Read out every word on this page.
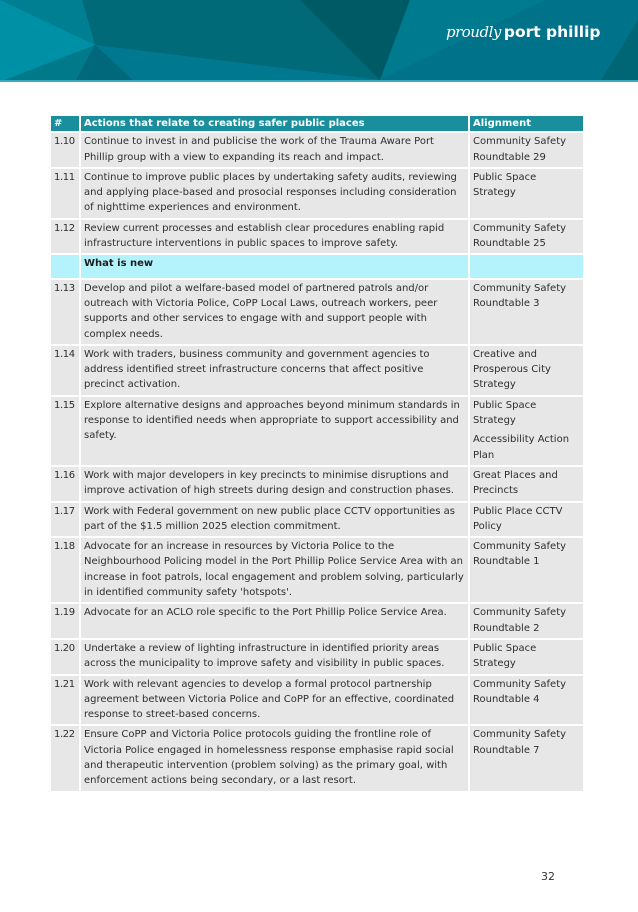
proudly port phillip
#	Actions that relate to creating safer public places	Alignment
1.10	Continue to invest in and publicise the work of the Trauma Aware Port Phillip group with a view to expanding its reach and impact.	Community Safety Roundtable 29

1.11	Continue to improve public places by undertaking safety audits, reviewing and applying place-based and prosocial responses including consideration of nighttime experiences and environment.	Public Space Strategy

1.12	Review current processes and establish clear procedures enabling rapid infrastructure interventions in public spaces to improve safety.	Community Safety Roundtable 25

	What is new	
1.13	Develop and pilot a welfare-based model of partnered patrols and/or outreach with Victoria Police, CoPP Local Laws, outreach workers, peer supports and other services to engage with and support people with complex needs.	Community Safety Roundtable 3

1.14	Work with traders, business community and government agencies to address identified street infrastructure concerns that affect positive precinct activation.	Creative and Prosperous City Strategy

1.15	Explore alternative designs and approaches beyond minimum standards in response to identified needs when appropriate to support accessibility and safety.	Public Space Strategy
Accessibility Action Plan

1.16	Work with major developers in key precincts to minimise disruptions and improve activation of high streets during design and construction phases.	Great Places and Precincts

1.17	Work with Federal government on new public place CCTV opportunities as part of the $1.5 million 2025 election commitment.	Public Place CCTV Policy

1.18	Advocate for an increase in resources by Victoria Police to the Neighbourhood Policing model in the Port Phillip Police Service Area with an increase in foot patrols, local engagement and problem solving, particularly in identified community safety 'hotspots'.	Community Safety Roundtable 1

1.19	Advocate for an ACLO role specific to the Port Phillip Police Service Area.	Community Safety Roundtable 2

1.20	Undertake a review of lighting infrastructure in identified priority areas across the municipality to improve safety and visibility in public spaces.	Public Space Strategy

1.21	Work with relevant agencies to develop a formal protocol partnership agreement between Victoria Police and CoPP for an effective, coordinated response to street-based concerns.	Community Safety Roundtable 4

1.22	Ensure CoPP and Victoria Police protocols guiding the frontline role of Victoria Police engaged in homelessness response emphasise rapid social and therapeutic intervention (problem solving) as the primary goal, with enforcement actions being secondary, or a last resort.	Community Safety Roundtable 7
32
